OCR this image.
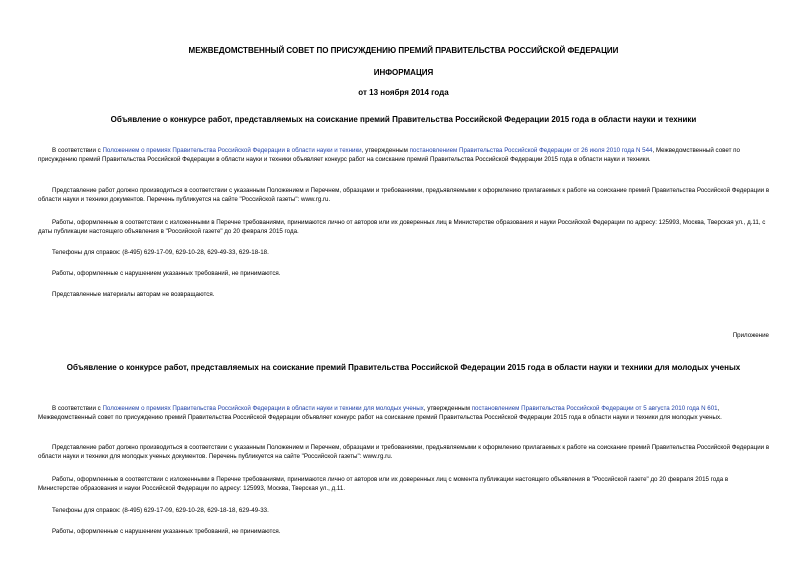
МЕЖВЕДОМСТВЕННЫЙ СОВЕТ ПО ПРИСУЖДЕНИЮ ПРЕМИЙ ПРАВИТЕЛЬСТВА РОССИЙСКОЙ ФЕДЕРАЦИИ
ИНФОРМАЦИЯ
от 13 ноября 2014 года
Объявление о конкурсе работ, представляемых на соискание премий Правительства Российской Федерации 2015 года в области науки и техники

В соответствии с Положением о премиях Правительства Российской Федерации в области науки и техники, утвержденным постановлением Правительства Российской Федерации от 26 июля 2010 года N 544, Межведомственный совет по присуждению премий Правительства Российской Федерации в области науки и техники объявляет конкурс работ на соискание премий Правительства Российской Федерации 2015 года в области науки и техники.

Представление работ должно производиться в соответствии с указанным Положением и Перечнем, образцами и требованиями, предъявляемыми к оформлению прилагаемых к работе на соискание премий Правительства Российской Федерации в области науки и техники документов. Перечень публикуется на сайте "Российской газеты": www.rg.ru.

Работы, оформленные в соответствии с изложенными в Перечне требованиями, принимаются лично от авторов или их доверенных лиц в Министерстве образования и науки Российской Федерации по адресу: 125993, Москва, Тверская ул., д.11, с даты публикации настоящего объявления в "Российской газете" до 20 февраля 2015 года.

Телефоны для справок: (8-495) 629-17-09, 629-10-28, 629-49-33, 629-18-18.

Работы, оформленные с нарушением указанных требований, не принимаются.

Представленные материалы авторам не возвращаются.

Приложение
Объявление о конкурсе работ, представляемых на соискание премий Правительства Российской Федерации 2015 года в области науки и техники для молодых ученых

В соответствии с Положением о премиях Правительства Российской Федерации в области науки и техники для молодых ученых, утвержденным постановлением Правительства Российской Федерации от 5 августа 2010 года N 601, Межведомственный совет по присуждению премий Правительства Российской Федерации объявляет конкурс работ на соискание премий Правительства Российской Федерации 2015 года в области науки и техники для молодых ученых.

Представление работ должно производиться в соответствии с указанным Положением и Перечнем, образцами и требованиями, предъявляемыми к оформлению прилагаемых к работе на соискание премий Правительства Российской Федерации в области науки и техники для молодых ученых документов. Перечень публикуется на сайте "Российской газеты": www.rg.ru.

Работы, оформленные в соответствии с изложенными в Перечне требованиями, принимаются лично от авторов или их доверенных лиц с момента публикации настоящего объявления в "Российской газете" до 20 февраля 2015 года в Министерстве образования и науки Российской Федерации по адресу: 125993, Москва, Тверская ул., д.11.

Телефоны для справок: (8-495) 629-17-09, 629-10-28, 629-18-18, 629-49-33.

Работы, оформленные с нарушением указанных требований, не принимаются.
